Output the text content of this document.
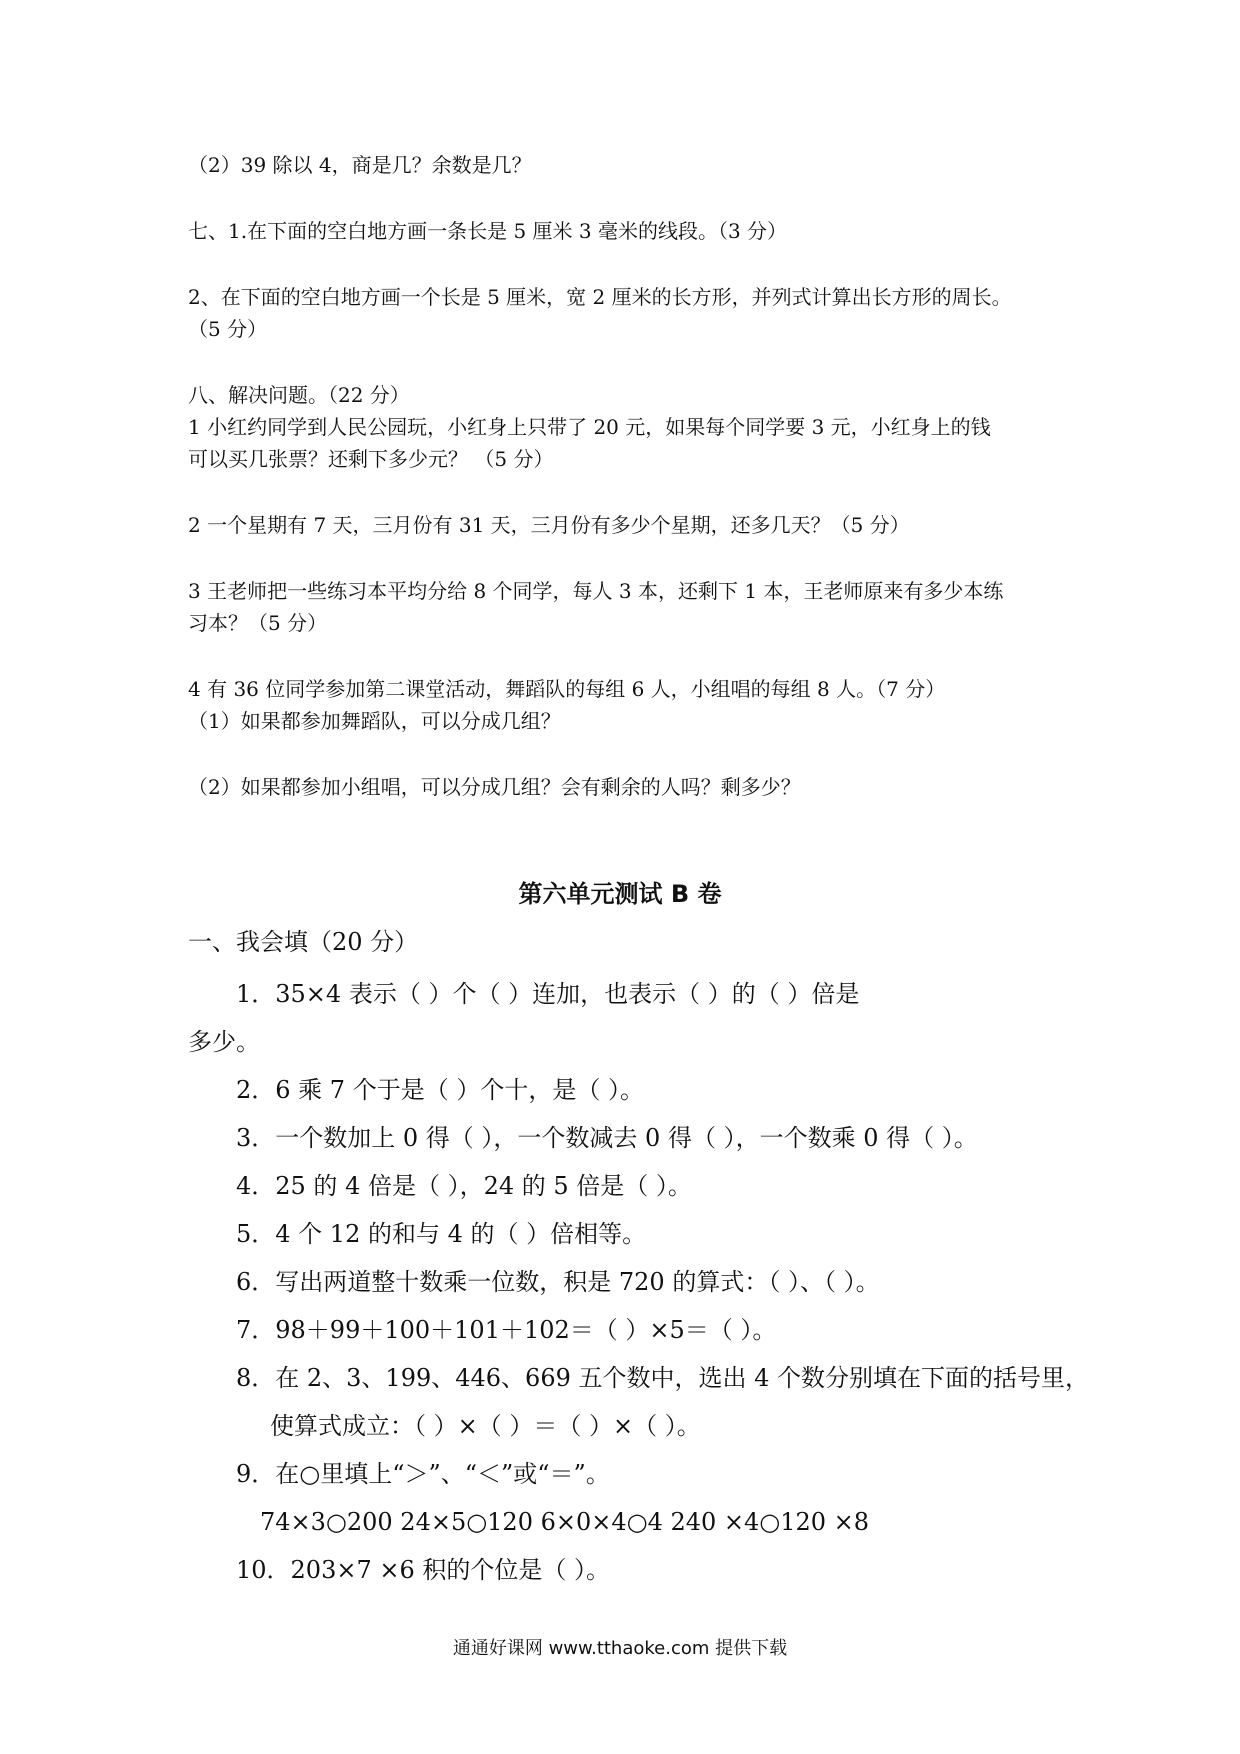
（2）39 除以 4，商是几？余数是几？
七、1.在下面的空白地方画一条长是 5 厘米 3 毫米的线段。（3 分）
2、在下面的空白地方画一个长是 5 厘米，宽 2 厘米的长方形，并列式计算出长方形的周长。
（5 分）
八、解决问题。（22 分）
1 小红约同学到人民公园玩，小红身上只带了 20 元，如果每个同学要 3 元，小红身上的钱
可以买几张票？还剩下多少元？ （5 分）
2 一个星期有 7 天，三月份有 31 天，三月份有多少个星期，还多几天？（5 分）
3 王老师把一些练习本平均分给 8 个同学，每人 3 本，还剩下 1 本，王老师原来有多少本练
习本？（5 分）
4 有 36 位同学参加第二课堂活动，舞蹈队的每组 6 人，小组唱的每组 8 人。（7 分）
（1）如果都参加舞蹈队，可以分成几组？
（2）如果都参加小组唱，可以分成几组？会有剩余的人吗？剩多少？
第六单元测试 B 卷
一、我会填（20 分）
1．35×4 表示（ ）个（ ）连加，也表示（ ）的（ ）倍是
多少。
2．6 乘 7 个于是（ ）个十，是（ ）。
3．一个数加上 0 得（ ），一个数减去 0 得（ ），一个数乘 0 得（ ）。
4．25 的 4 倍是（ ），24 的 5 倍是（ ）。
5．4 个 12 的和与 4 的（ ）倍相等。
6．写出两道整十数乘一位数，积是 720 的算式：（ ）、（ ）。
7．98＋99＋100＋101＋102＝（ ）×5＝（ ）。
8．在 2、3、199、446、669 五个数中，选出 4 个数分别填在下面的括号里，
使算式成立：（ ）×（ ）＝（ ）×（ ）。
9．在○里填上“＞”、“＜”或“＝”。
74×3○200 24×5○120 6×0×4○4 240 ×4○120 ×8
10．203×7 ×6 积的个位是（ ）。
通通好课网 www.tthaoke.com 提供下载
